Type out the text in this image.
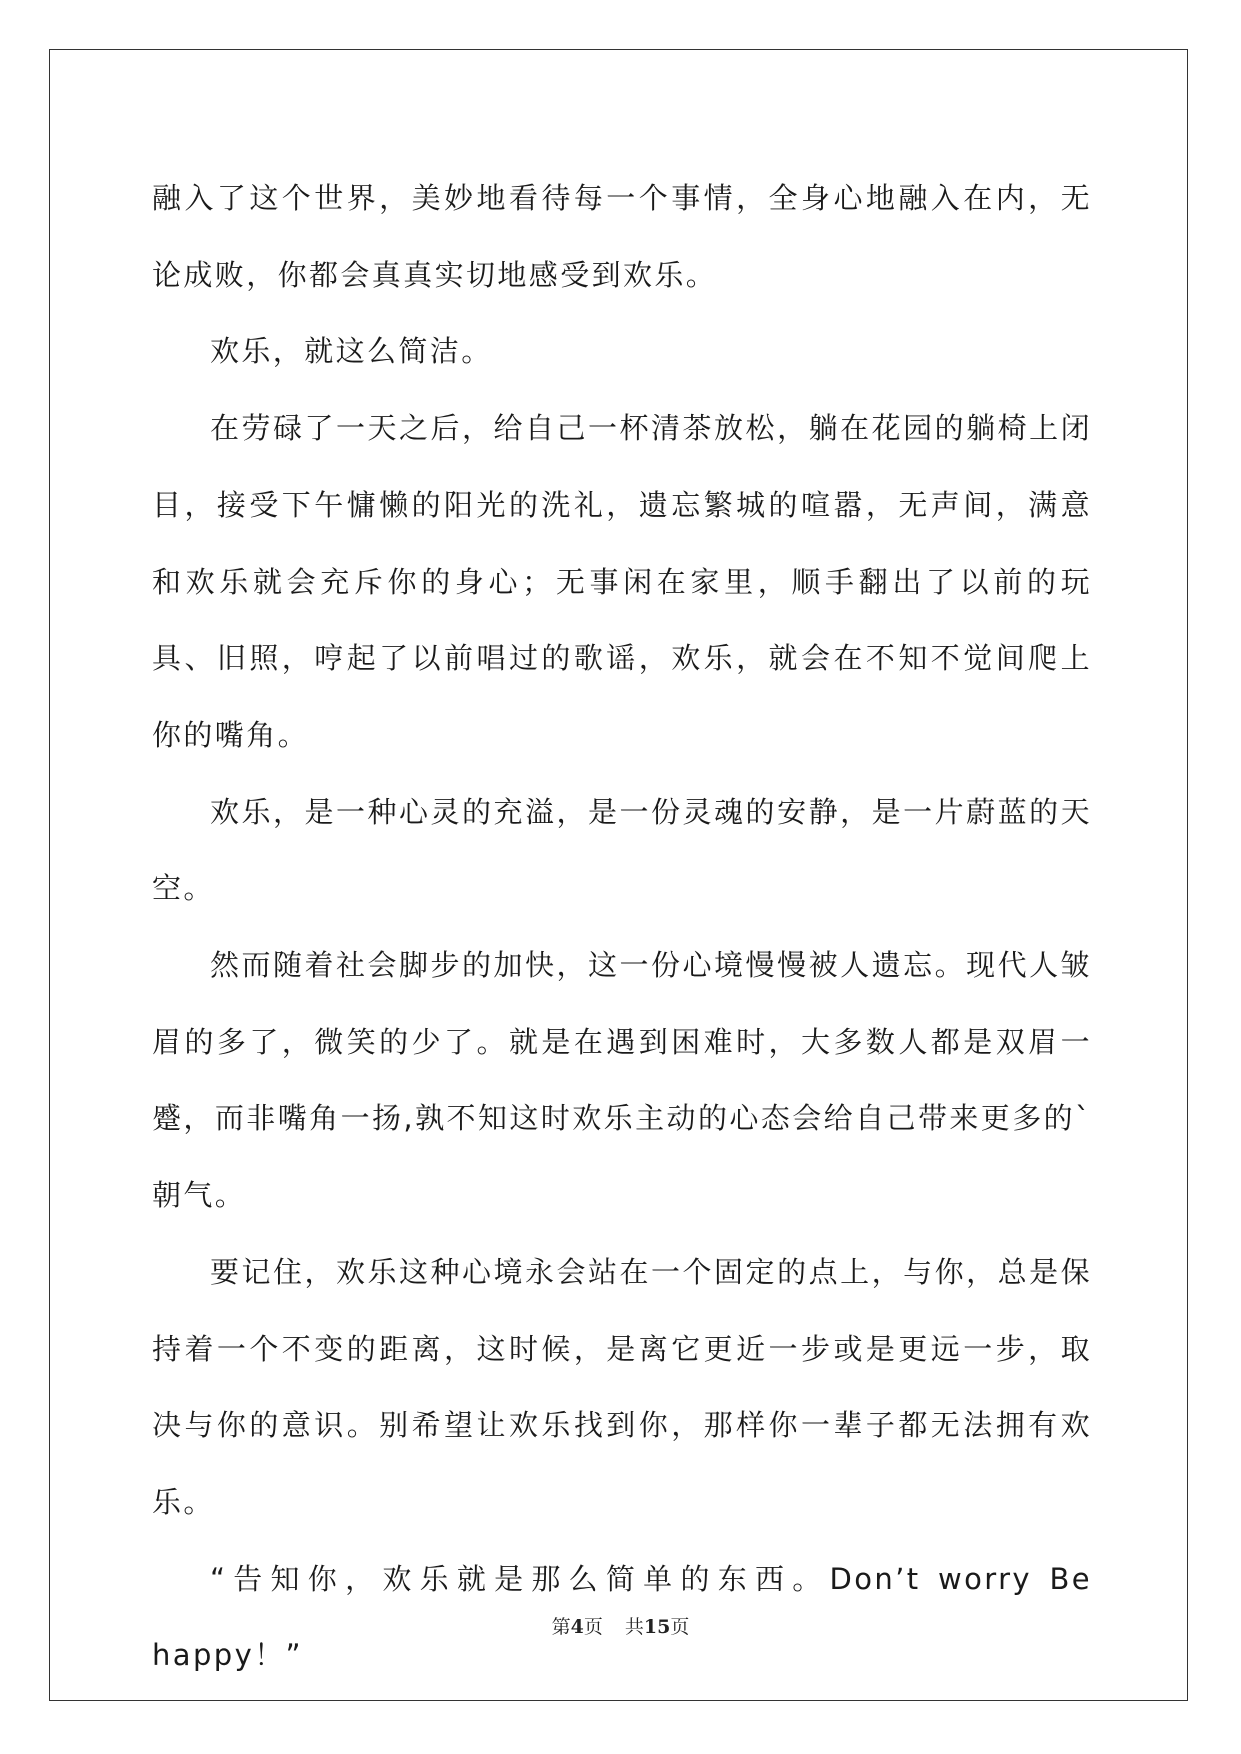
融入了这个世界，美妙地看待每一个事情，全身心地融入在内，无论成败，你都会真真实切地感受到欢乐。

欢乐，就这么简洁。

在劳碌了一天之后，给自己一杯清茶放松，躺在花园的躺椅上闭目，接受下午慵懒的阳光的洗礼，遗忘繁城的喧嚣，无声间，满意和欢乐就会充斥你的身心；无事闲在家里，顺手翻出了以前的玩具、旧照，哼起了以前唱过的歌谣，欢乐，就会在不知不觉间爬上你的嘴角。

欢乐，是一种心灵的充溢，是一份灵魂的安静，是一片蔚蓝的天空。

然而随着社会脚步的加快，这一份心境慢慢被人遗忘。现代人皱眉的多了，微笑的少了。就是在遇到困难时，大多数人都是双眉一蹙，而非嘴角一扬,孰不知这时欢乐主动的心态会给自己带来更多的`朝气。

要记住，欢乐这种心境永会站在一个固定的点上，与你，总是保持着一个不变的距离，这时候，是离它更近一步或是更远一步，取决与你的意识。别希望让欢乐找到你，那样你一辈子都无法拥有欢乐。

“告知你，欢乐就是那么简单的东西。Don’t worry Be happy！”

第4页 共15页
